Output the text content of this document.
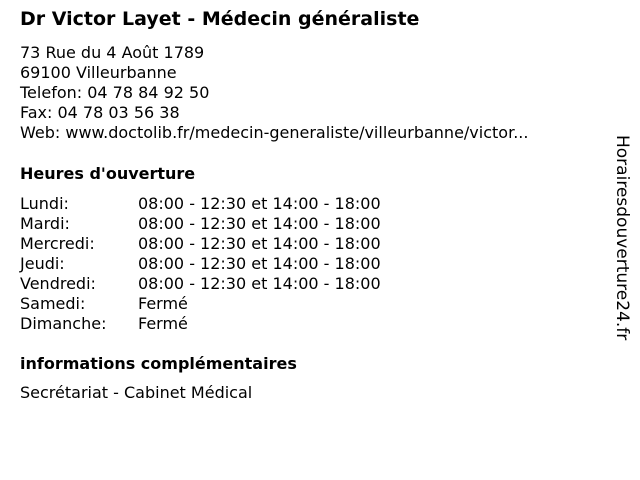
Dr Victor Layet - Médecin généraliste
73 Rue du 4 Août 1789
69100 Villeurbanne
Telefon: 04 78 84 92 50
Fax: 04 78 03 56 38
Web: www.doctolib.fr/medecin-generaliste/villeurbanne/victor...
Heures d'ouverture
Lundi:	08:00 - 12:30 et 14:00 - 18:00
Mardi:	08:00 - 12:30 et 14:00 - 18:00
Mercredi:	08:00 - 12:30 et 14:00 - 18:00
Jeudi:	08:00 - 12:30 et 14:00 - 18:00
Vendredi:	08:00 - 12:30 et 14:00 - 18:00
Samedi:	Fermé
Dimanche:	Fermé
informations complémentaires
Secrétariat - Cabinet Médical
Horairesdouverture24.fr
